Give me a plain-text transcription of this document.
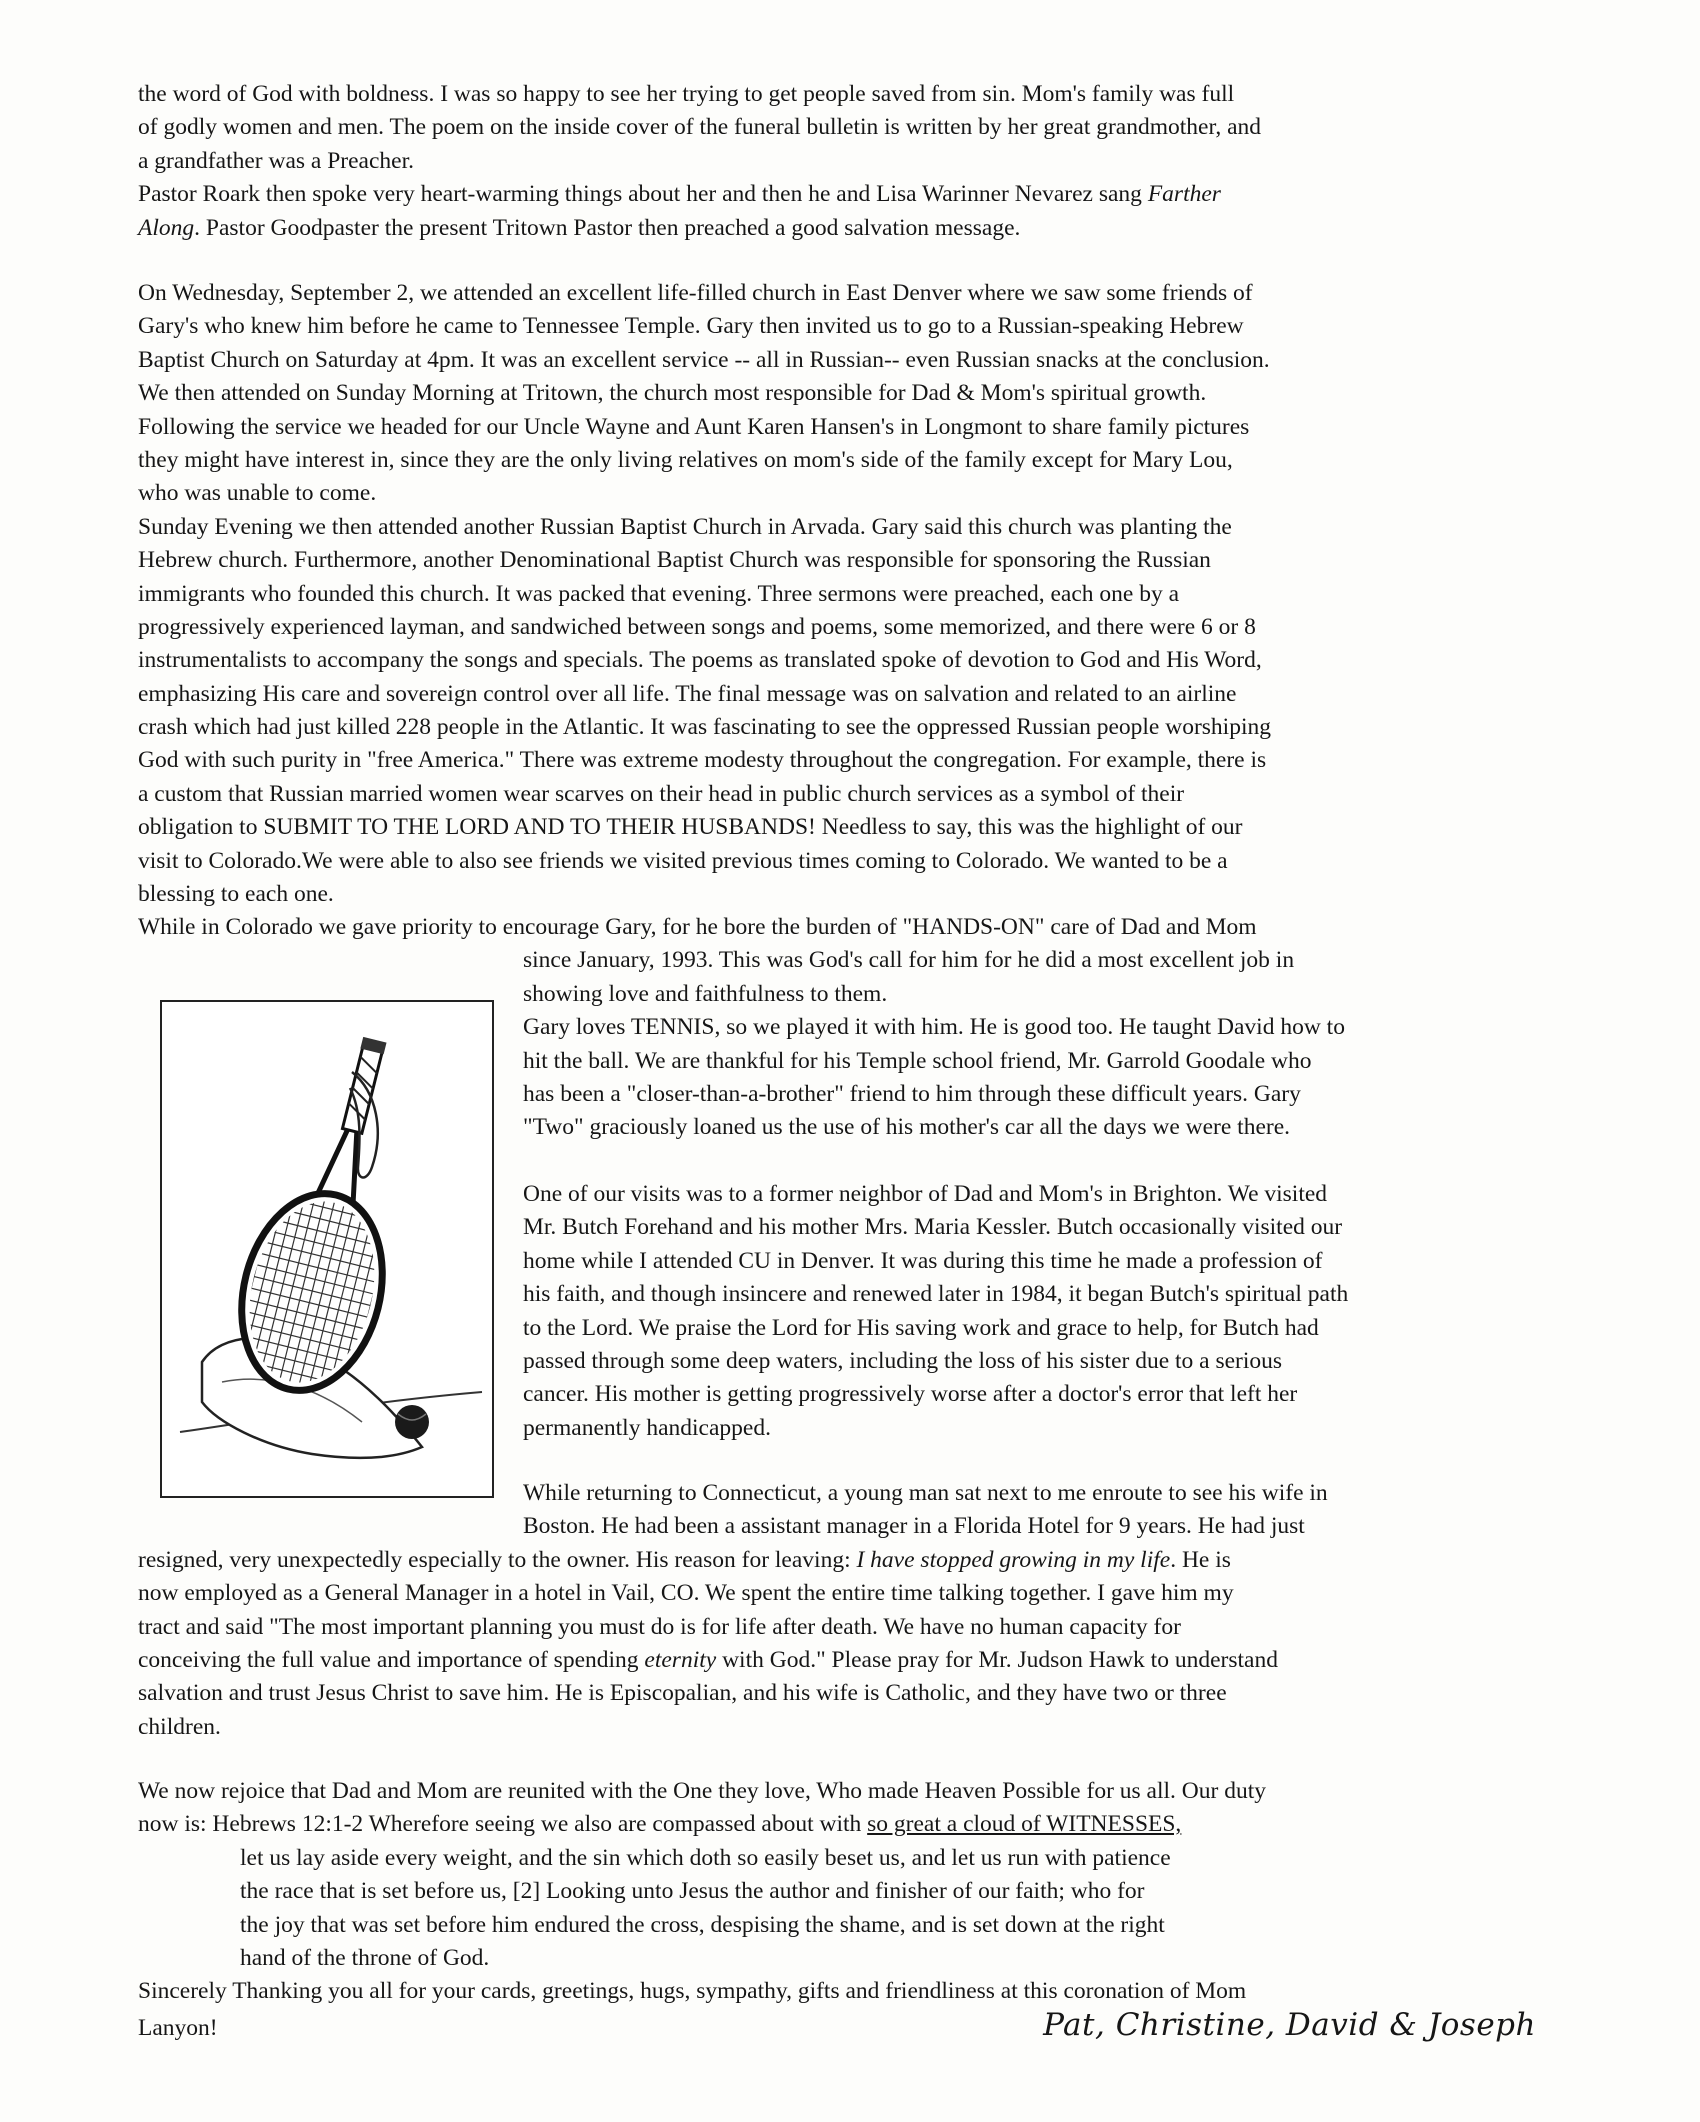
the word of God with boldness. I was so happy to see her trying to get people saved from sin. Mom's family was full
of godly women and men. The poem on the inside cover of the funeral bulletin is written by her great grandmother, and
a grandfather was a Preacher.
Pastor Roark then spoke very heart-warming things about her and then he and Lisa Warinner Nevarez sang Farther
Along. Pastor Goodpaster the present Tritown Pastor then preached a good salvation message.
On Wednesday, September 2, we attended an excellent life-filled church in East Denver where we saw some friends of
Gary's who knew him before he came to Tennessee Temple. Gary then invited us to go to a Russian-speaking Hebrew
Baptist Church on Saturday at 4pm. It was an excellent service -- all in Russian-- even Russian snacks at the conclusion.
We then attended on Sunday Morning at Tritown, the church most responsible for Dad & Mom's spiritual growth.
Following the service we headed for our Uncle Wayne and Aunt Karen Hansen's in Longmont to share family pictures
they might have interest in, since they are the only living relatives on mom's side of the family except for Mary Lou,
who was unable to come.
Sunday Evening we then attended another Russian Baptist Church in Arvada. Gary said this church was planting the
Hebrew church. Furthermore, another Denominational Baptist Church was responsible for sponsoring the Russian
immigrants who founded this church. It was packed that evening. Three sermons were preached, each one by a
progressively experienced layman, and sandwiched between songs and poems, some memorized, and there were 6 or 8
instrumentalists to accompany the songs and specials. The poems as translated spoke of devotion to God and His Word,
emphasizing His care and sovereign control over all life. The final message was on salvation and related to an airline
crash which had just killed 228 people in the Atlantic. It was fascinating to see the oppressed Russian people worshiping
God with such purity in "free America." There was extreme modesty throughout the congregation. For example, there is
a custom that Russian married women wear scarves on their head in public church services as a symbol of their
obligation to SUBMIT TO THE LORD AND TO THEIR HUSBANDS! Needless to say, this was the highlight of our
visit to Colorado.We were able to also see friends we visited previous times coming to Colorado. We wanted to be a
blessing to each one.
While in Colorado we gave priority to encourage Gary, for he bore the burden of "HANDS-ON" care of Dad and Mom
since January, 1993. This was God's call for him for he did a most excellent job in
showing love and faithfulness to them.
Gary loves TENNIS, so we played it with him. He is good too. He taught David how to
hit the ball. We are thankful for his Temple school friend, Mr. Garrold Goodale who
has been a "closer-than-a-brother" friend to him through these difficult years. Gary
"Two" graciously loaned us the use of his mother's car all the days we were there.
One of our visits was to a former neighbor of Dad and Mom's in Brighton. We visited
Mr. Butch Forehand and his mother Mrs. Maria Kessler. Butch occasionally visited our
home while I attended CU in Denver. It was during this time he made a profession of
his faith, and though insincere and renewed later in 1984, it began Butch's spiritual path
to the Lord. We praise the Lord for His saving work and grace to help, for Butch had
passed through some deep waters, including the loss of his sister due to a serious
cancer. His mother is getting progressively worse after a doctor's error that left her
permanently handicapped.
While returning to Connecticut, a young man sat next to me enroute to see his wife in
Boston. He had been a assistant manager in a Florida Hotel for 9 years. He had just
resigned, very unexpectedly especially to the owner. His reason for leaving: I have stopped growing in my life. He is
now employed as a General Manager in a hotel in Vail, CO. We spent the entire time talking together. I gave him my
tract and said "The most important planning you must do is for life after death. We have no human capacity for
conceiving the full value and importance of spending eternity with God." Please pray for Mr. Judson Hawk to understand
salvation and trust Jesus Christ to save him. He is Episcopalian, and his wife is Catholic, and they have two or three
children.
We now rejoice that Dad and Mom are reunited with the One they love, Who made Heaven Possible for us all. Our duty
now is: Hebrews 12:1-2 Wherefore seeing we also are compassed about with so great a cloud of WITNESSES,
let us lay aside every weight, and the sin which doth so easily beset us, and let us run with patience
the race that is set before us, [2] Looking unto Jesus the author and finisher of our faith; who for
the joy that was set before him endured the cross, despising the shame, and is set down at the right
hand of the throne of God.
Sincerely Thanking you all for your cards, greetings, hugs, sympathy, gifts and friendliness at this coronation of Mom
Lanyon!	Pat, Christine, David & Joseph
